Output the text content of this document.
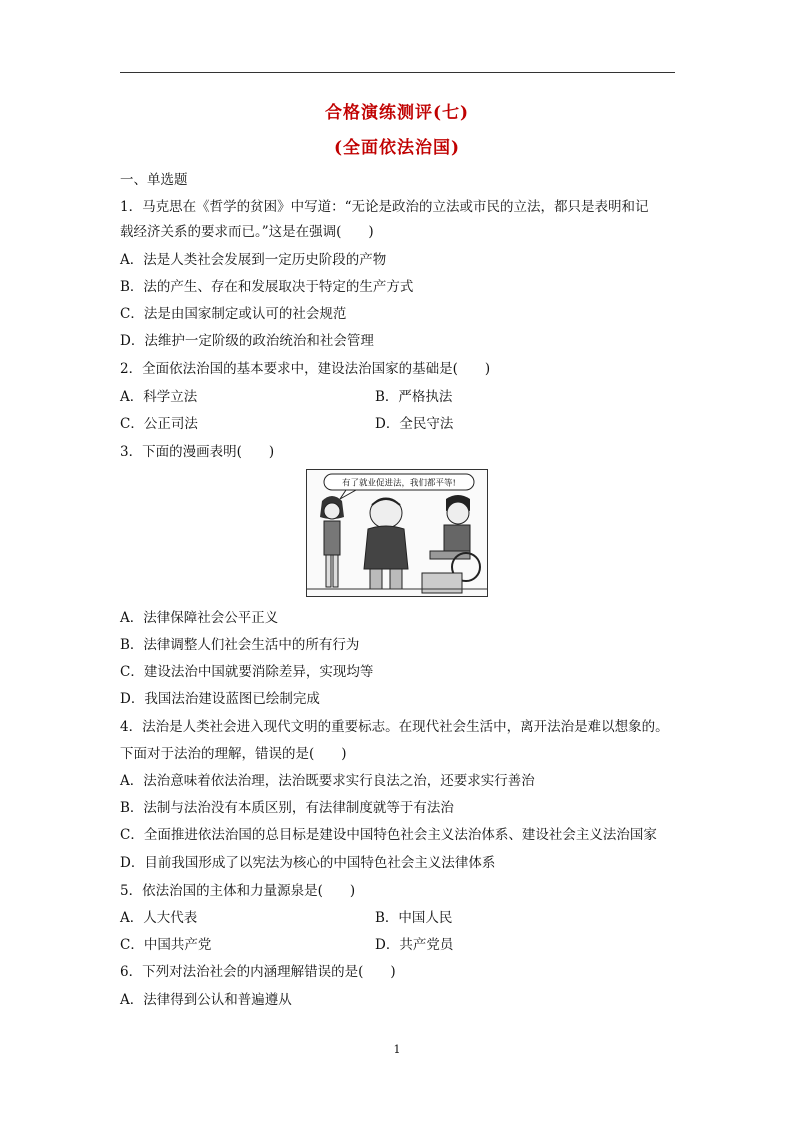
合格演练测评(七)
(全面依法治国)
一、单选题
1．马克思在《哲学的贫困》中写道：“无论是政治的立法或市民的立法，都只是表明和记
载经济关系的要求而已。”这是在强调(　　)
A．法是人类社会发展到一定历史阶段的产物
B．法的产生、存在和发展取决于特定的生产方式
C．法是由国家制定或认可的社会规范
D．法维护一定阶级的政治统治和社会管理
2．全面依法治国的基本要求中，建设法治国家的基础是(　　)
A．科学立法	B．严格执法
C．公正司法	D．全民守法
3．下面的漫画表明(　　)
有了就业促进法，我们都平等!
A．法律保障社会公平正义
B．法律调整人们社会生活中的所有行为
C．建设法治中国就要消除差异，实现均等
D．我国法治建设蓝图已绘制完成
4．法治是人类社会进入现代文明的重要标志。在现代社会生活中，离开法治是难以想象的。
下面对于法治的理解，错误的是(　　)
A．法治意味着依法治理，法治既要求实行良法之治，还要求实行善治
B．法制与法治没有本质区别，有法律制度就等于有法治
C．全面推进依法治国的总目标是建设中国特色社会主义法治体系、建设社会主义法治国家
D．目前我国形成了以宪法为核心的中国特色社会主义法律体系
5．依法治国的主体和力量源泉是(　　)
A．人大代表	B．中国人民
C．中国共产党	D．共产党员
6．下列对法治社会的内涵理解错误的是(　　)
A．法律得到公认和普遍遵从
1
